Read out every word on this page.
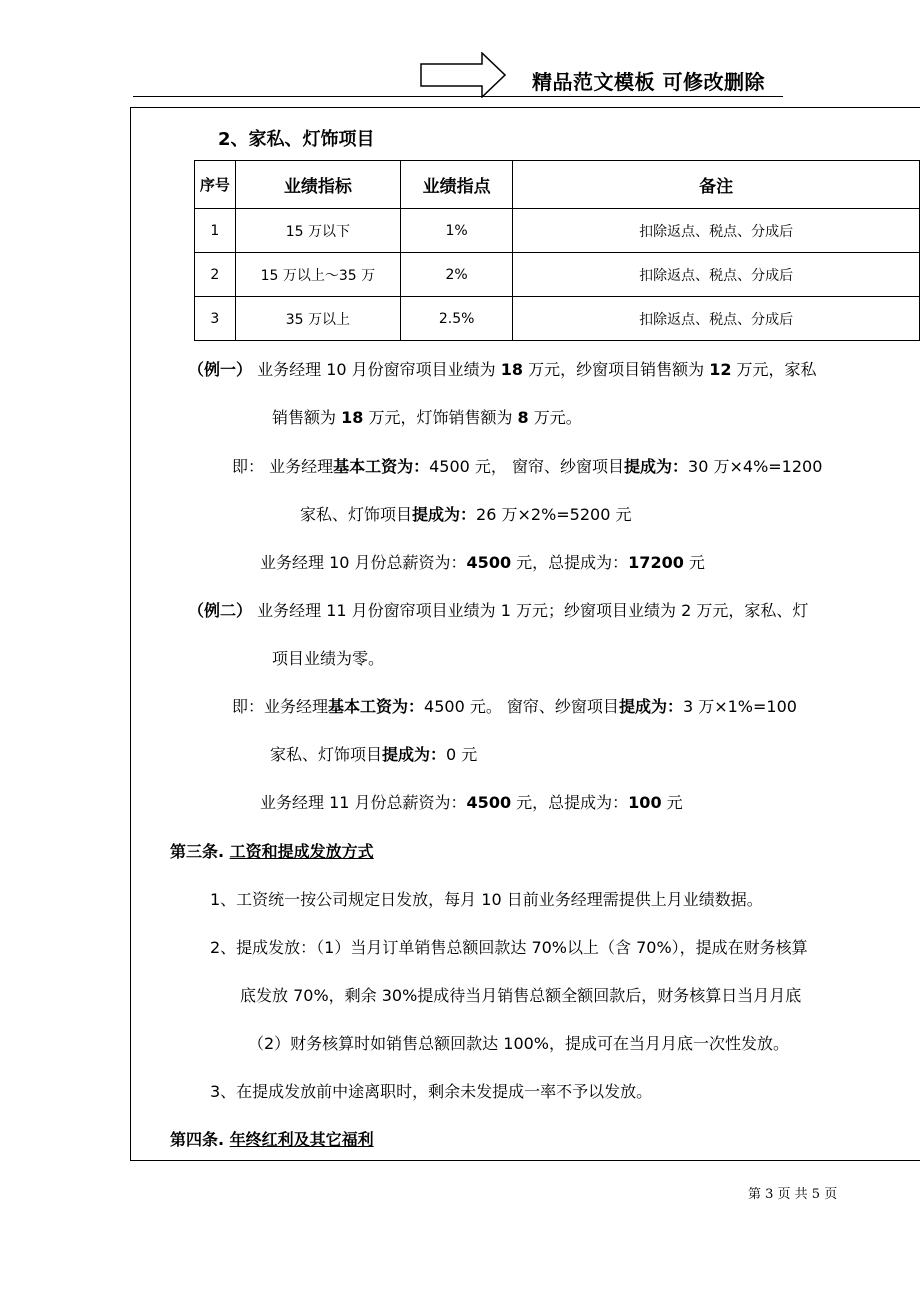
精品范文模板 可修改删除
2、家私、灯饰项目
序号	业绩指标	业绩指点	备注
1	15 万以下	1%	扣除返点、税点、分成后
2	15 万以上～35 万	2%	扣除返点、税点、分成后
3	35 万以上	2.5%	扣除返点、税点、分成后
（例一） 业务经理 10 月份窗帘项目业绩为 18 万元，纱窗项目销售额为 12 万元，家私
销售额为 18 万元，灯饰销售额为 8 万元。
即： 业务经理基本工资为：4500 元， 窗帘、纱窗项目提成为：30 万×4%=1200
家私、灯饰项目提成为：26 万×2%=5200 元
业务经理 10 月份总薪资为：4500 元，总提成为：17200 元
（例二） 业务经理 11 月份窗帘项目业绩为 1 万元；纱窗项目业绩为 2 万元，家私、灯
项目业绩为零。
即：业务经理基本工资为：4500 元。 窗帘、纱窗项目提成为：3 万×1%=100
家私、灯饰项目提成为：0 元
业务经理 11 月份总薪资为：4500 元，总提成为：100 元
第三条. 工资和提成发放方式
1、工资统一按公司规定日发放，每月 10 日前业务经理需提供上月业绩数据。
2、提成发放：（1）当月订单销售总额回款达 70%以上（含 70%），提成在财务核算
底发放 70%，剩余 30%提成待当月销售总额全额回款后，财务核算日当月月底
（2）财务核算时如销售总额回款达 100%，提成可在当月月底一次性发放。
3、在提成发放前中途离职时，剩余未发提成一率不予以发放。
第四条. 年终红利及其它福利
第 3 页 共 5 页
